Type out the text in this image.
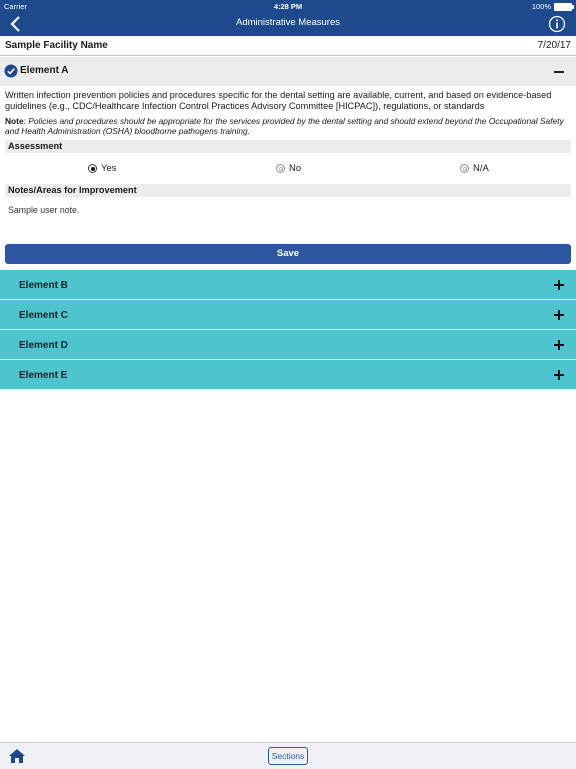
Carrier	4:28 PM	100%
Administrative Measures
Sample Facility Name	7/20/17
Element A
Written infection prevention policies and procedures specific for the dental setting are available, current, and based on evidence-based guidelines (e.g., CDC/Healthcare Infection Control Practices Advisory Committee [HICPAC]), regulations, or standards
Note: Policies and procedures should be appropriate for the services provided by the dental setting and should extend beyond the Occupational Safety and Health Administration (OSHA) bloodborne pathogens training.
Assessment
Yes	No	N/A
Notes/Areas for Improvement
Sample user note.
Save
Element B
Element C
Element D
Element E
Sections
